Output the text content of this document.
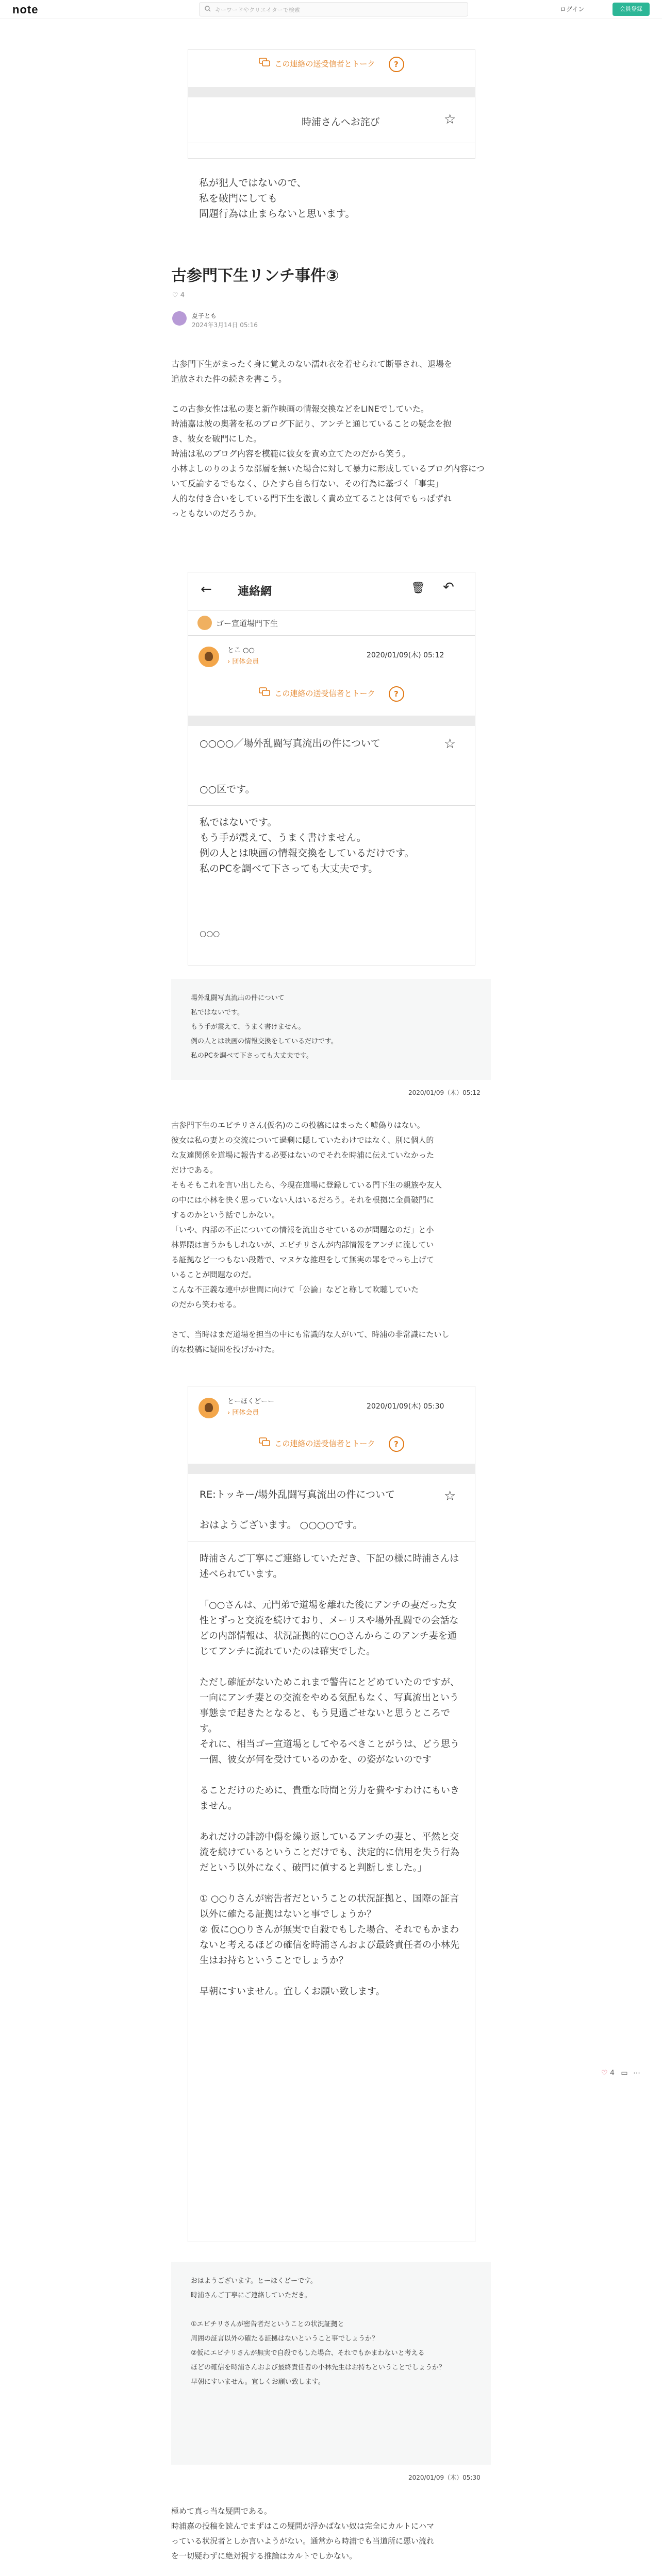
note	キーワードやクリエイターで検索	ログイン	会員登録
この連絡の送受信者とトーク ?
時浦さんへお詫び	☆
私が犯人ではないので、
私を破門にしても
問題行為は止まらないと思います。
古参門下生リンチ事件③
♡ 4
夏子とも
2024年3月14日 05:16
古参門下生がまったく身に覚えのない濡れ衣を着せられて断罪され、退場を
追放された件の続きを書こう。

この古参女性は私の妻と新作映画の情報交換などをLINEでしていた。
時浦嘉は彼の奥著を私のブログ下記り、アンチと通じていることの疑念を抱
き、彼女を破門にした。
時浦は私のブログ内容を模範に彼女を責め立てたのだから笑う。
小林よしのりのような部層を無いた場合に対して暴力に形成しているブログ内容につ
いて反論するでもなく、ひたすら自ら行ない、その行為に基づく「事実」
人的な付き合いをしている門下生を激しく責め立てることは何でもっぱずれ
っともないのだろうか。
← 連絡網	🗑 ↶
ゴー宣道場門下生
とこ ○○
› 団体会員
2020/01/09(木) 05:12
この連絡の送受信者とトーク ?
○○○○／場外乱闘写真流出の件について	☆
○○区です。
私ではないです。
もう手が震えて、うまく書けません。
例の人とは映画の情報交換をしているだけです。
私のPCを調べて下さっても大丈夫です。
○○○

場外乱闘写真流出の件について

私ではないです。

もう手が震えて、うまく書けません。

例の人とは映画の情報交換をしているだけです。

私のPCを調べて下さっても大丈夫です。

2020/01/09（木）05:12
古参門下生のエビチリさん(仮名)のこの投稿にはまったく嘘偽りはない。
彼女は私の妻との交流について過剰に隠していたわけではなく、別に個人的
な友達関係を道場に報告する必要はないのでそれを時浦に伝えていなかった
だけである。
そもそもこれを言い出したら、今現在道場に登録している門下生の親族や友人
の中には小林を快く思っていない人はいるだろう。それを根拠に全員破門に
するのかという話でしかない。
「いや、内部の不正についての情報を流出させているのが問題なのだ」と小
林界隈は言うかもしれないが、エビチリさんが内部情報をアンチに流してい
る証拠など一つもない段階で、マヌケな推理をして無実の罪をでっち上げて
いることが問題なのだ。
こんな不正義な連中が世間に向けて「公論」などと称して吹聴していた
のだから笑わせる。

さて、当時はまだ道場を担当の中にも常識的な人がいて、時浦の非常識にたいし
的な投稿に疑問を投げかけた。
とーほくどーー
› 団体会員
2020/01/09(木) 05:30
この連絡の送受信者とトーク ?
RE:トッキー/場外乱闘写真流出の件について	☆
おはようございます。 ○○○○です。
時浦さんご丁寧にご連絡していただき、下記の様に時浦さんは述べられています。

「○○さんは、元門弟で道場を離れた後にアンチの妻だった女性とずっと交流を続けており、メーリスや場外乱闘での会話などの内部情報は、状況証拠的に○○さんからこのアンチ妻を通じてアンチに流れていたのは確実でした。

ただし確証がないためこれまで警告にとどめていたのですが、一向にアンチ妻との交流をやめる気配もなく、写真流出という事態まで起きたとなると、もう見過ごせないと思うところです。
それに、相当ゴー宣道場としてやるべきことがうは、どう思う一個、彼女が何を受けているのかを、の姿がないのです

ることだけのために、貴重な時間と労力を費やすわけにもいきません。

あれだけの誹謗中傷を繰り返しているアンチの妻と、平然と交流を続けているということだけでも、決定的に信用を失う行為だという以外になく、破門に値すると判断しました。」

① ○○りさんが密告者だということの状況証拠と、国際の証言以外に確たる証拠はないと事でしょうか？
② 仮に○○りさんが無実で自殺でもした場合、それでもかまわないと考えるほどの確信を時浦さんおよび最終責任者の小林先生はお持ちということでしょうか？

早朝にすいません。宜しくお願い致します。

おはようございます。とーほくどーです。

時浦さんご丁寧にご連絡していただき。

①エビチリさんが密告者だということの状況証拠と

周囲の証言以外の確たる証拠はないということ事でしょうか？

②仮にエビチリさんが無実で自殺でもした場合、それでもかまわないと考える

ほどの確信を時浦さんおよび最終責任者の小林先生はお持ちということでしょうか？

早朝にすいません。宜しくお願い致します。

2020/01/09（木）05:30
極めて真っ当な疑問である。
時浦嘉の投稿を読んでまずはこの疑問が浮かばない奴は完全にカルトにハマ
っている状況者としか言いようがない。通常から時浦でも当道所に悪い流れ
を一切疑わずに絶対視する推論はカルトでしかない。

♡ 4 ▭ ⋯
